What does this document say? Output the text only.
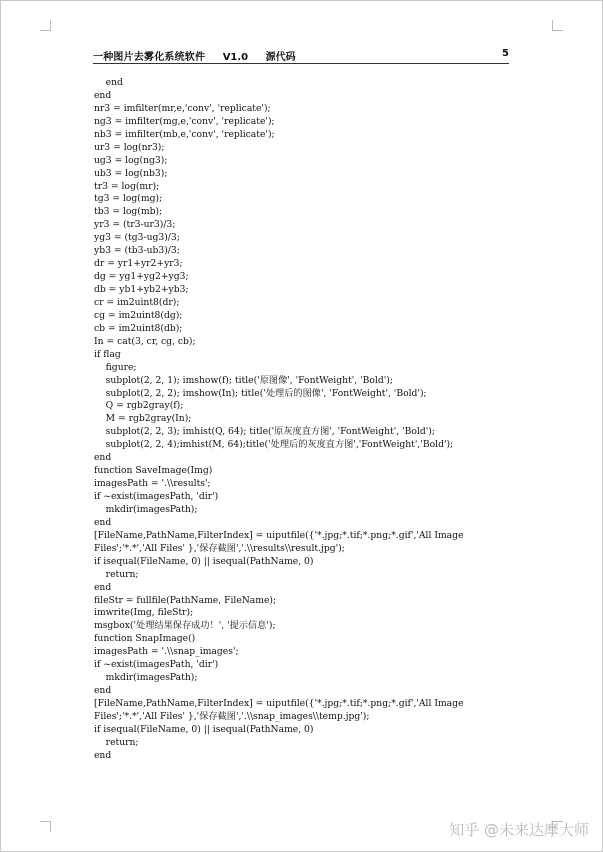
一种图片去雾化系统软件 V1.0 源代码	5
end
end
nr3 = imfilter(mr,e,'conv', 'replicate');
ng3 = imfilter(mg,e,'conv', 'replicate');
nb3 = imfilter(mb,e,'conv', 'replicate');
ur3 = log(nr3);
ug3 = log(ng3);
ub3 = log(nb3);
tr3 = log(mr);
tg3 = log(mg);
tb3 = log(mb);
yr3 = (tr3-ur3)/3;
yg3 = (tg3-ug3)/3;
yb3 = (tb3-ub3)/3;
dr = yr1+yr2+yr3;
dg = yg1+yg2+yg3;
db = yb1+yb2+yb3;
cr = im2uint8(dr);
cg = im2uint8(dg);
cb = im2uint8(db);
In = cat(3, cr, cg, cb);
if flag
figure;
subplot(2, 2, 1); imshow(f); title('原图像', 'FontWeight', 'Bold');
subplot(2, 2, 2); imshow(In); title('处理后的图像', 'FontWeight', 'Bold');
Q = rgb2gray(f);
M = rgb2gray(In);
subplot(2, 2, 3); imhist(Q, 64); title('原灰度直方图', 'FontWeight', 'Bold');
subplot(2, 2, 4);imhist(M, 64);title('处理后的灰度直方图','FontWeight','Bold');
end
function SaveImage(Img)
imagesPath = '.\\results';
if ~exist(imagesPath, 'dir')
mkdir(imagesPath);
end
[FileName,PathName,FilterIndex] = uiputfile({'*.jpg;*.tif;*.png;*.gif','All Image
Files';'*.*','All Files' },'保存截图','.\\results\\result.jpg');
if isequal(FileName, 0) || isequal(PathName, 0)
return;
end
fileStr = fullfile(PathName, FileName);
imwrite(Img, fileStr);
msgbox('处理结果保存成功！', '提示信息');
function SnapImage()
imagesPath = '.\\snap_images';
if ~exist(imagesPath, 'dir')
mkdir(imagesPath);
end
[FileName,PathName,FilterIndex] = uiputfile({'*.jpg;*.tif;*.png;*.gif','All Image
Files';'*.*','All Files' },'保存截图','.\\snap_images\\temp.jpg');
if isequal(FileName, 0) || isequal(PathName, 0)
return;
end
知乎 @未来达摩大师
